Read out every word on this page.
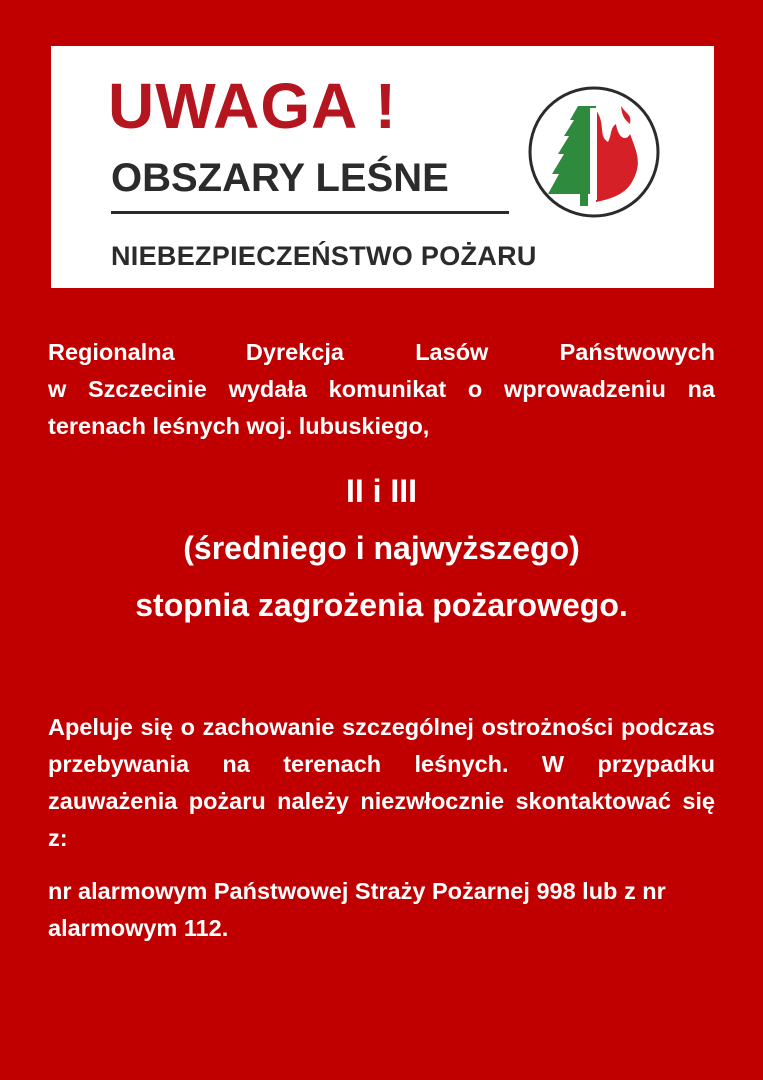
UWAGA !
OBSZARY LEŚNE
NIEBEZPIECZEŃSTWO POŻARU

Regionalna Dyrekcja Lasów Państwowych
w Szczecinie wydała komunikat o wprowadzeniu na terenach leśnych woj. lubuskiego,

II i III

(średniego i najwyższego)

stopnia zagrożenia pożarowego.

Apeluje się o zachowanie szczególnej ostrożności podczas przebywania na terenach leśnych. W przypadku zauważenia pożaru należy niezwłocznie skontaktować się z:

nr alarmowym Państwowej Straży Pożarnej 998 lub z nr alarmowym 112.
